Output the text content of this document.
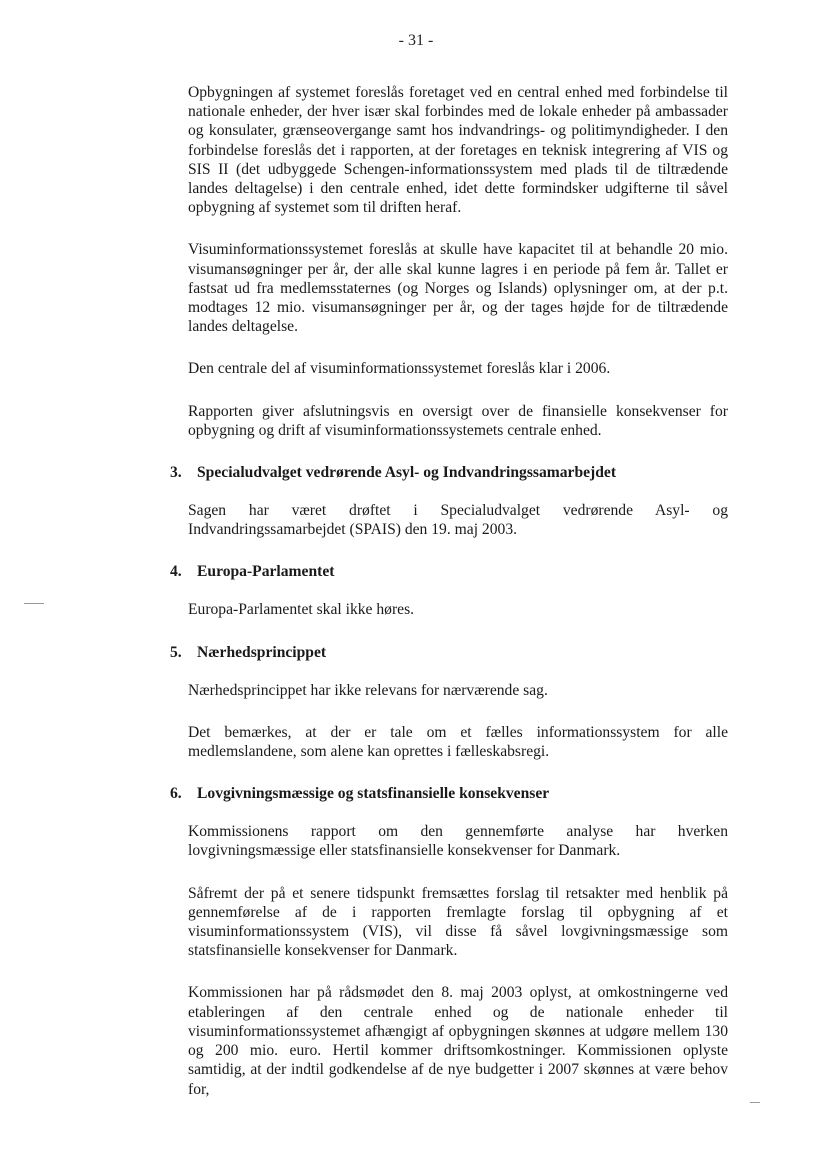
- 31 -

Opbygningen af systemet foreslås foretaget ved en central enhed med forbindelse til nationale enheder, der hver især skal forbindes med de lokale enheder på ambassader og konsulater, grænseovergange samt hos indvandrings- og politimyndigheder. I den forbindelse foreslås det i rapporten, at der foretages en teknisk integrering af VIS og SIS II (det udbyggede Schengen-informationssystem med plads til de tiltrædende landes deltagelse) i den centrale enhed, idet dette formindsker udgifterne til såvel opbygning af systemet som til driften heraf.

Visuminformationssystemet foreslås at skulle have kapacitet til at behandle 20 mio. visumansøgninger per år, der alle skal kunne lagres i en periode på fem år. Tallet er fastsat ud fra medlemsstaternes (og Norges og Islands) oplysninger om, at der p.t. modtages 12 mio. visumansøgninger per år, og der tages højde for de tiltrædende landes deltagelse.

Den centrale del af visuminformationssystemet foreslås klar i 2006.

Rapporten giver afslutningsvis en oversigt over de finansielle konsekvenser for opbygning og drift af visuminformationssystemets centrale enhed.

3. Specialudvalget vedrørende Asyl- og Indvandringssamarbejdet

Sagen har været drøftet i Specialudvalget vedrørende Asyl- og Indvandringssamarbejdet (SPAIS) den 19. maj 2003.

4. Europa-Parlamentet

Europa-Parlamentet skal ikke høres.

5. Nærhedsprincippet

Nærhedsprincippet har ikke relevans for nærværende sag.

Det bemærkes, at der er tale om et fælles informationssystem for alle medlemslandene, som alene kan oprettes i fælleskabsregi.

6. Lovgivningsmæssige og statsfinansielle konsekvenser

Kommissionens rapport om den gennemførte analyse har hverken lovgivningsmæssige eller statsfinansielle konsekvenser for Danmark.

Såfremt der på et senere tidspunkt fremsættes forslag til retsakter med henblik på gennemførelse af de i rapporten fremlagte forslag til opbygning af et visuminformationssystem (VIS), vil disse få såvel lovgivningsmæssige som statsfinansielle konsekvenser for Danmark.

Kommissionen har på rådsmødet den 8. maj 2003 oplyst, at omkostningerne ved etableringen af den centrale enhed og de nationale enheder til visuminformationssystemet afhængigt af opbygningen skønnes at udgøre mellem 130 og 200 mio. euro. Hertil kommer driftsomkostninger. Kommissionen oplyste samtidig, at der indtil godkendelse af de nye budgetter i 2007 skønnes at være behov for,
